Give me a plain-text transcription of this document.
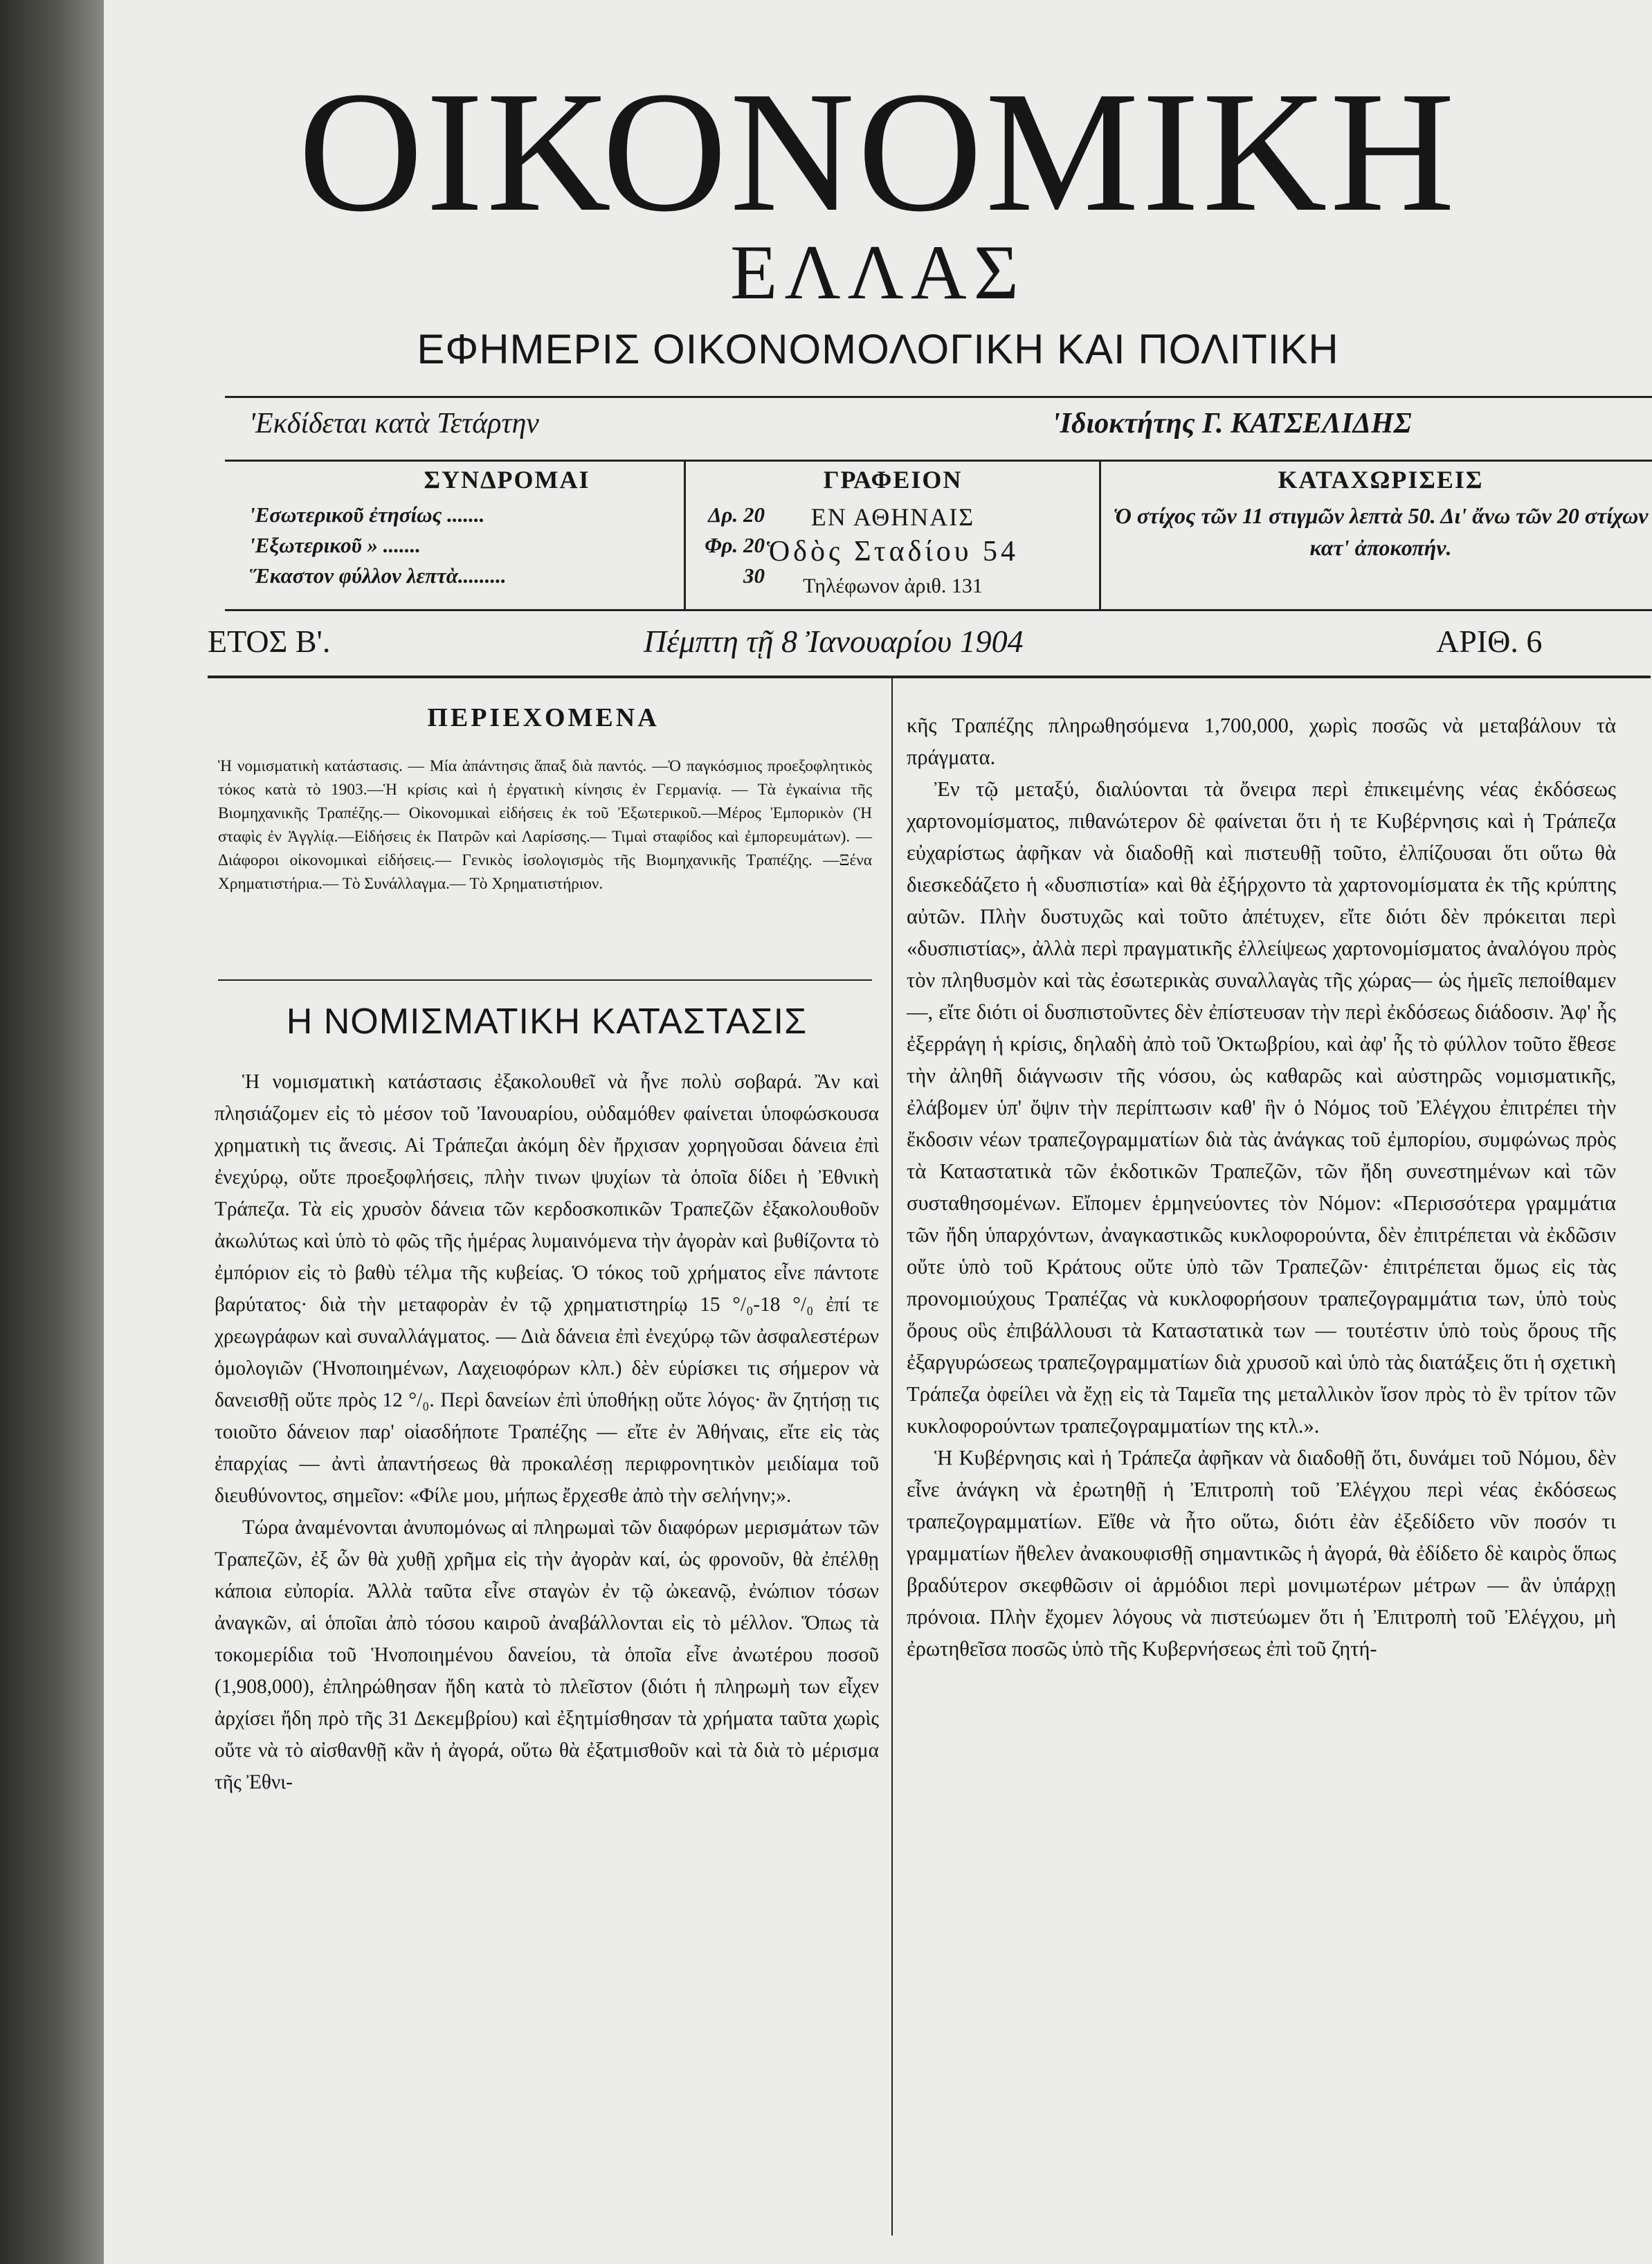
ΟΙΚΟΝΟΜΙΚΗ
ΕΛΛΑΣ
ΕΦΗΜΕΡΙΣ ΟΙΚΟΝΟΜΟΛΟΓΙΚΗ ΚΑΙ ΠΟΛΙΤΙΚΗ
'Εκδίδεται κατὰ Τετάρτην	'Ιδιοκτήτης Γ. ΚΑΤΣΕΛΙΔΗΣ
ΣΥΝΔΡΟΜΑΙ
'Εσωτερικοῦ ἐτησίως .......	Δρ. 20
'Εξωτερικοῦ » .......	Φρ. 20
Ἕκαστον φύλλον λεπτὰ.........	30
ΓΡΑΦΕΙΟΝ
ΕΝ ΑΘΗΝΑΙΣ
Ὁδὸς Σταδίου 54
Τηλέφωνον ἀριθ. 131
ΚΑΤΑΧΩΡΙΣΕΙΣ
Ὁ στίχος τῶν 11 στιγμῶν λεπτὰ 50. Δι' ἄνω τῶν 20 στίχων κατ' ἀποκοπήν.
ΕΤΟΣ Β'.	Πέμπτη τῇ 8 Ἰανουαρίου 1904	ΑΡΙΘ. 6
ΠΕΡΙΕΧΟΜΕΝΑ
Ἡ νομισματικὴ κατάστασις. — Μία ἀπάντησις ἅπαξ διὰ παντός. —Ὁ παγκόσμιος προεξοφλητικὸς τόκος κατὰ τὸ 1903.—Ἡ κρίσις καὶ ἡ ἐργατικὴ κίνησις ἐν Γερμανίᾳ. — Τὰ ἐγκαίνια τῆς Βιομηχανικῆς Τραπέζης.— Οἰκονομικαὶ εἰδήσεις ἐκ τοῦ Ἐξωτερικοῦ.—Μέρος Ἐμπορικὸν (Ἡ σταφὶς ἐν Ἀγγλίᾳ.—Εἰδήσεις ἐκ Πατρῶν καὶ Λαρίσσης.— Τιμαὶ σταφίδος καὶ ἐμπορευμάτων). — Διάφοροι οἰκονομικαὶ εἰδήσεις.— Γενικὸς ἰσολογισμὸς τῆς Βιομηχανικῆς Τραπέζης. —Ξένα Χρηματιστήρια.— Τὸ Συνάλλαγμα.— Τὸ Χρηματιστήριον.
Η ΝΟΜΙΣΜΑΤΙΚΗ ΚΑΤΑΣΤΑΣΙΣ

Ἡ νομισματικὴ κατάστασις ἐξακολουθεῖ νὰ ἦνε πολὺ σοβαρά. Ἂν καὶ πλησιάζομεν εἰς τὸ μέσον τοῦ Ἰανουαρίου, οὐδαμόθεν φαίνεται ὑποφώσκουσα χρηματικὴ τις ἄνεσις. Αἱ Τράπεζαι ἀκόμη δὲν ἤρχισαν χορηγοῦσαι δάνεια ἐπὶ ἐνεχύρῳ, οὔτε προεξοφλήσεις, πλὴν τινων ψυχίων τὰ ὁποῖα δίδει ἡ Ἐθνικὴ Τράπεζα. Τὰ εἰς χρυσὸν δάνεια τῶν κερδοσκοπικῶν Τραπεζῶν ἐξακολουθοῦν ἀκωλύτως καὶ ὑπὸ τὸ φῶς τῆς ἡμέρας λυμαινόμενα τὴν ἀγορὰν καὶ βυθίζοντα τὸ ἐμπόριον εἰς τὸ βαθὺ τέλμα τῆς κυβείας. Ὁ τόκος τοῦ χρήματος εἶνε πάντοτε βαρύτατος· διὰ τὴν μεταφορὰν ἐν τῷ χρηματιστηρίῳ 15 °/₀-18 °/₀ ἐπί τε χρεωγράφων καὶ συναλλάγματος. — Διὰ δάνεια ἐπὶ ἐνεχύρῳ τῶν ἀσφαλεστέρων ὁμολογιῶν (Ἡνοποιημένων, Λαχειοφόρων κλπ.) δὲν εὑρίσκει τις σήμερον νὰ δανεισθῇ οὔτε πρὸς 12 °/₀. Περὶ δανείων ἐπὶ ὑποθήκῃ οὔτε λόγος· ἂν ζητήσῃ τις τοιοῦτο δάνειον παρ' οἱασδήποτε Τραπέζης — εἴτε ἐν Ἀθήναις, εἴτε εἰς τὰς ἐπαρχίας — ἀντὶ ἀπαντήσεως θὰ προκαλέσῃ περιφρονητικὸν μειδίαμα τοῦ διευθύνοντος, σημεῖον: «Φίλε μου, μήπως ἔρχεσθε ἀπὸ τὴν σελήνην;».

Τώρα ἀναμένονται ἀνυπομόνως αἱ πληρωμαὶ τῶν διαφόρων μερισμάτων τῶν Τραπεζῶν, ἐξ ὧν θὰ χυθῇ χρῆμα εἰς τὴν ἀγορὰν καί, ὡς φρονοῦν, θὰ ἐπέλθῃ κάποια εὐπορία. Ἀλλὰ ταῦτα εἶνε σταγὼν ἐν τῷ ὠκεανῷ, ἐνώπιον τόσων ἀναγκῶν, αἱ ὁποῖαι ἀπὸ τόσου καιροῦ ἀναβάλλονται εἰς τὸ μέλλον. Ὅπως τὰ τοκομερίδια τοῦ Ἡνοποιημένου δανείου, τὰ ὁποῖα εἶνε ἀνωτέρου ποσοῦ (1,908,000), ἐπληρώθησαν ἤδη κατὰ τὸ πλεῖστον (διότι ἡ πληρωμὴ των εἶχεν ἀρχίσει ἤδη πρὸ τῆς 31 Δεκεμβρίου) καὶ ἐξητμίσθησαν τὰ χρήματα ταῦτα χωρὶς οὔτε νὰ τὸ αἰσθανθῇ κἂν ἡ ἀγορά, οὕτω θὰ ἐξατμισθοῦν καὶ τὰ διὰ τὸ μέρισμα τῆς Ἐθνι-

κῆς Τραπέζης πληρωθησόμενα 1,700,000, χωρὶς ποσῶς νὰ μεταβάλουν τὰ πράγματα.

Ἐν τῷ μεταξύ, διαλύονται τὰ ὄνειρα περὶ ἐπικειμένης νέας ἐκδόσεως χαρτονομίσματος, πιθανώτερον δὲ φαίνεται ὅτι ἡ τε Κυβέρνησις καὶ ἡ Τράπεζα εὐχαρίστως ἀφῆκαν νὰ διαδοθῇ καὶ πιστευθῇ τοῦτο, ἐλπίζουσαι ὅτι οὕτω θὰ διεσκεδάζετο ἡ «δυσπιστία» καὶ θὰ ἐξήρχοντο τὰ χαρτονομίσματα ἐκ τῆς κρύπτης αὐτῶν. Πλὴν δυστυχῶς καὶ τοῦτο ἀπέτυχεν, εἴτε διότι δὲν πρόκειται περὶ «δυσπιστίας», ἀλλὰ περὶ πραγματικῆς ἐλλείψεως χαρτονομίσματος ἀναλόγου πρὸς τὸν πληθυσμὸν καὶ τὰς ἐσωτερικὰς συναλλαγὰς τῆς χώρας— ὡς ἡμεῖς πεποίθαμεν —, εἴτε διότι οἱ δυσπιστοῦντες δὲν ἐπίστευσαν τὴν περὶ ἐκδόσεως διάδοσιν. Ἀφ' ἧς ἐξερράγη ἡ κρίσις, δηλαδὴ ἀπὸ τοῦ Ὀκτωβρίου, καὶ ἀφ' ἧς τὸ φύλλον τοῦτο ἔθεσε τὴν ἀληθῆ διάγνωσιν τῆς νόσου, ὡς καθαρῶς καὶ αὐστηρῶς νομισματικῆς, ἐλάβομεν ὑπ' ὄψιν τὴν περίπτωσιν καθ' ἣν ὁ Νόμος τοῦ Ἐλέγχου ἐπιτρέπει τὴν ἔκδοσιν νέων τραπεζογραμματίων διὰ τὰς ἀνάγκας τοῦ ἐμπορίου, συμφώνως πρὸς τὰ Καταστατικὰ τῶν ἐκδοτικῶν Τραπεζῶν, τῶν ἤδη συνεστημένων καὶ τῶν συσταθησομένων. Εἴπομεν ἑρμηνεύοντες τὸν Νόμον: «Περισσότερα γραμμάτια τῶν ἤδη ὑπαρχόντων, ἀναγκαστικῶς κυκλοφορούντα, δὲν ἐπιτρέπεται νὰ ἐκδῶσιν οὔτε ὑπὸ τοῦ Κράτους οὔτε ὑπὸ τῶν Τραπεζῶν· ἐπιτρέπεται ὅμως εἰς τὰς προνομιούχους Τραπέζας νὰ κυκλοφορήσουν τραπεζογραμμάτια των, ὑπὸ τοὺς ὅρους οὓς ἐπιβάλλουσι τὰ Καταστατικὰ των — τουτέστιν ὑπὸ τοὺς ὅρους τῆς ἐξαργυρώσεως τραπεζογραμματίων διὰ χρυσοῦ καὶ ὑπὸ τὰς διατάξεις ὅτι ἡ σχετικὴ Τράπεζα ὀφείλει νὰ ἔχῃ εἰς τὰ Ταμεῖα της μεταλλικὸν ἴσον πρὸς τὸ ἓν τρίτον τῶν κυκλοφορούντων τραπεζογραμματίων της κτλ.».

Ἡ Κυβέρνησις καὶ ἡ Τράπεζα ἀφῆκαν νὰ διαδοθῇ ὅτι, δυνάμει τοῦ Νόμου, δὲν εἶνε ἀνάγκη νὰ ἐρωτηθῇ ἡ Ἐπιτροπὴ τοῦ Ἐλέγχου περὶ νέας ἐκδόσεως τραπεζογραμματίων. Εἴθε νὰ ἦτο οὕτω, διότι ἐὰν ἐξεδίδετο νῦν ποσόν τι γραμματίων ἤθελεν ἀνακουφισθῇ σημαντικῶς ἡ ἀγορά, θὰ ἐδίδετο δὲ καιρὸς ὅπως βραδύτερον σκεφθῶσιν οἱ ἁρμόδιοι περὶ μονιμωτέρων μέτρων — ἂν ὑπάρχῃ πρόνοια. Πλὴν ἔχομεν λόγους νὰ πιστεύωμεν ὅτι ἡ Ἐπιτροπὴ τοῦ Ἐλέγχου, μὴ ἐρωτηθεῖσα ποσῶς ὑπὸ τῆς Κυβερνήσεως ἐπὶ τοῦ ζητή-
